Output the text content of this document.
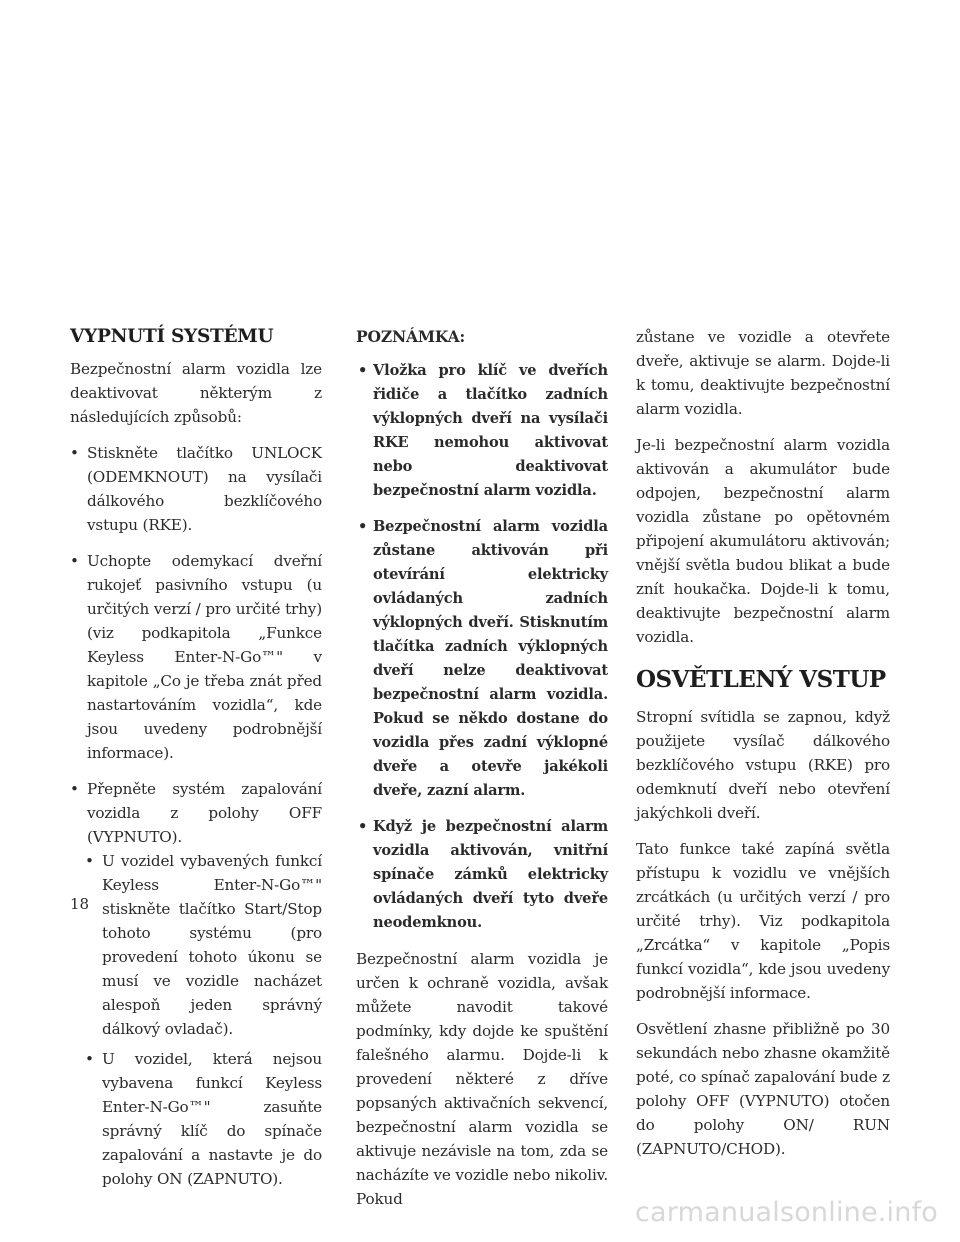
VYPNUTÍ SYSTÉMU

Bezpečnostní alarm vozidla lze deaktivovat některým z následujících způsobů:

• Stiskněte tlačítko UNLOCK (ODEMKNOUT) na vysílači dálkového bezklíčového vstupu (RKE).
• Uchopte odemykací dveřní rukojeť pasivního vstupu (u určitých verzí / pro určité trhy) (viz podkapitola „Funkce Keyless Enter-N-Go™" v kapitole „Co je třeba znát před nastartováním vozidla“, kde jsou uvedeny podrobnější informace).
• Přepněte systém zapalování vozidla z polohy OFF (VYPNUTO).
• U vozidel vybavených funkcí Keyless Enter-N-Go™" stiskněte tlačítko Start/Stop tohoto systému (pro provedení tohoto úkonu se musí ve vozidle nacházet alespoň jeden správný dálkový ovladač).
• U vozidel, která nejsou vybavena funkcí Keyless Enter-N-Go™" zasuňte správný klíč do spínače zapalování a nastavte je do polohy ON (ZAPNUTO).
POZNÁMKA:
• Vložka pro klíč ve dveřích řidiče a tlačítko zadních výklopných dveří na vysílači RKE nemohou aktivovat nebo deaktivovat bezpečnostní alarm vozidla.
• Bezpečnostní alarm vozidla zůstane aktivován při otevírání elektricky ovládaných zadních výklopných dveří. Stisknutím tlačítka zadních výklopných dveří nelze deaktivovat bezpečnostní alarm vozidla. Pokud se někdo dostane do vozidla přes zadní výklopné dveře a otevře jakékoli dveře, zazní alarm.
• Když je bezpečnostní alarm vozidla aktivován, vnitřní spínače zámků elektricky ovládaných dveří tyto dveře neodemknou.

Bezpečnostní alarm vozidla je určen k ochraně vozidla, avšak můžete navodit takové podmínky, kdy dojde ke spuštění falešného alarmu. Dojde-li k provedení některé z dříve popsaných aktivačních sekvencí, bezpečnostní alarm vozidla se aktivuje nezávisle na tom, zda se nacházíte ve vozidle nebo nikoliv. Pokud

zůstane ve vozidle a otevřete dveře, aktivuje se alarm. Dojde-li k tomu, deaktivujte bezpečnostní alarm vozidla.

Je-li bezpečnostní alarm vozidla aktivován a akumulátor bude odpojen, bezpečnostní alarm vozidla zůstane po opětovném připojení akumulátoru aktivován; vnější světla budou blikat a bude znít houkačka. Dojde-li k tomu, deaktivujte bezpečnostní alarm vozidla.

OSVĚTLENÝ VSTUP

Stropní svítidla se zapnou, když použijete vysílač dálkového bezklíčového vstupu (RKE) pro odemknutí dveří nebo otevření jakýchkoli dveří.

Tato funkce také zapíná světla přístupu k vozidlu ve vnějších zrcátkách (u určitých verzí / pro určité trhy). Viz podkapitola „Zrcátka“ v kapitole „Popis funkcí vozidla“, kde jsou uvedeny podrobnější informace.

Osvětlení zhasne přibližně po 30 sekundách nebo zhasne okamžitě poté, co spínač zapalování bude z polohy OFF (VYPNUTO) otočen do polohy ON/ RUN (ZAPNUTO/CHOD).

18
carmanualsonline.info
